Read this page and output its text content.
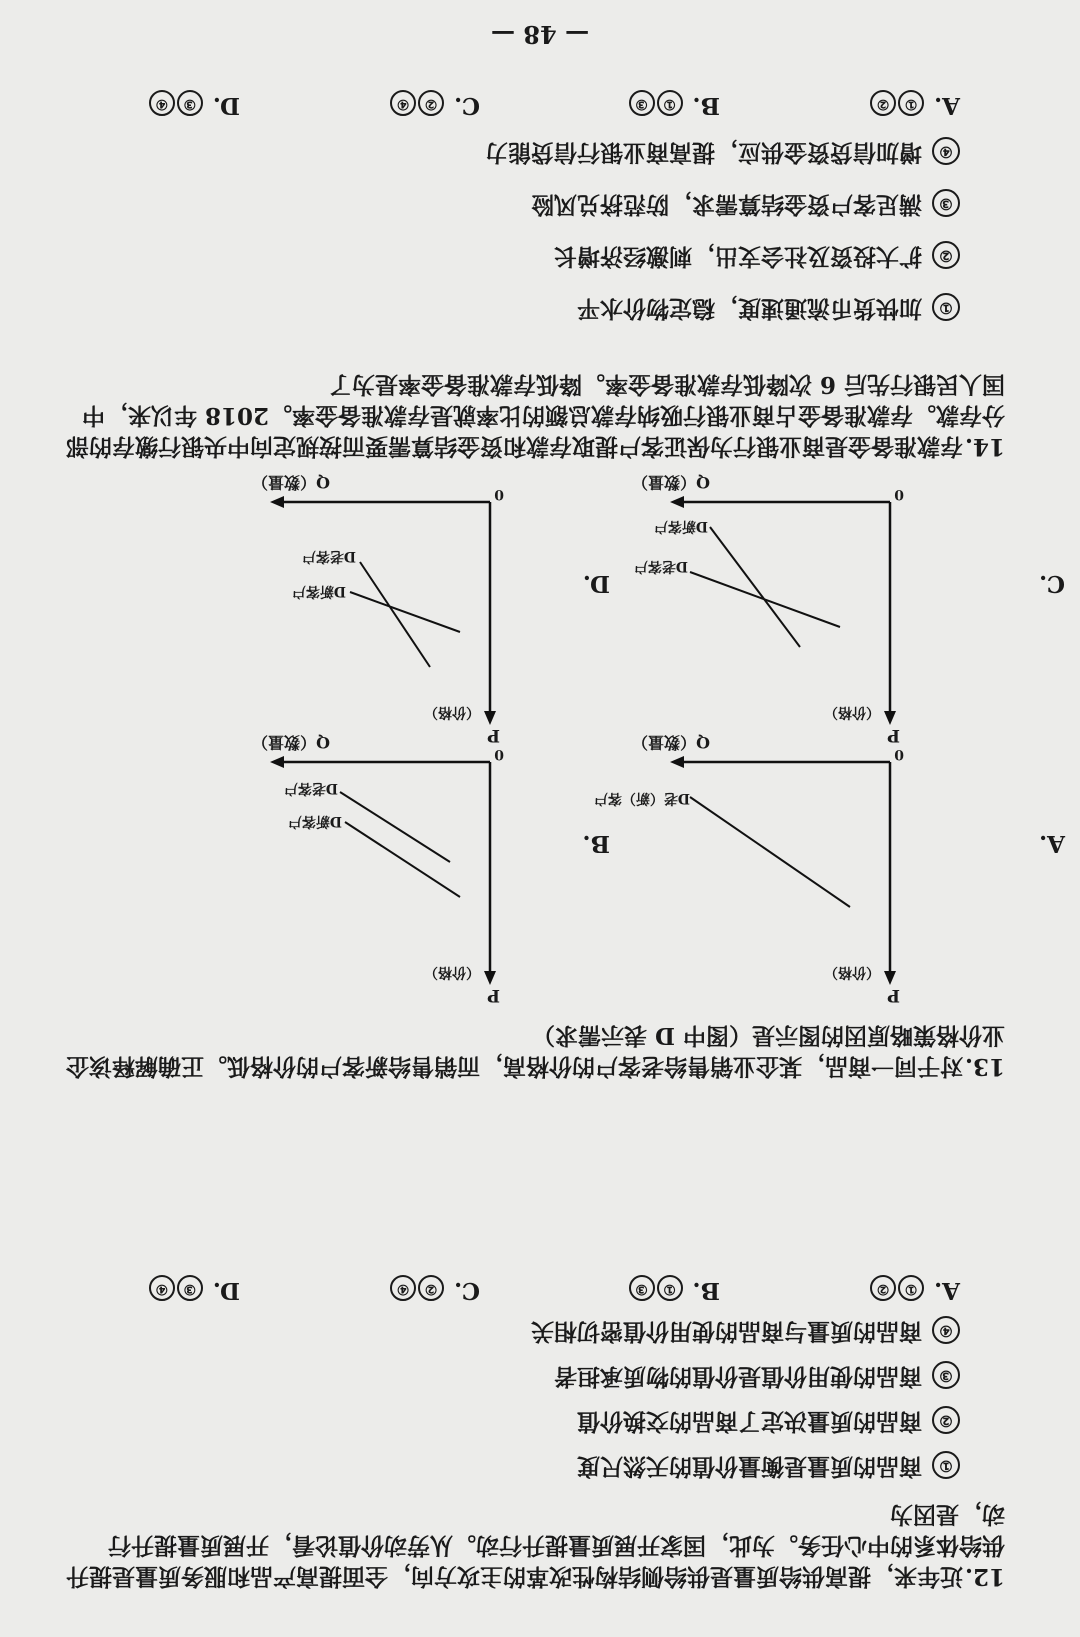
12.近年来，提高供给质量是供给侧结构性改革的主攻方向，全面提高产品和服务质量是提升供给体系的中心任务。为此，国家开展质量提升行动。从劳动价值论看，开展质量提升行动，是因为
①商品的质量是衡量价值的天然尺度
②商品的质量决定了商品的交换价值
③商品的使用价值是价值的物质承担者
④商品的质量与商品的使用价值密切相关
A. ①②
B. ①③
C. ②④
D. ③④
13.对于同一商品，某企业销售给老客户的价格高，而销售给新客户的价格低。正确解释该企业价格策略原因的图示是（图中 D 表示需求）
A.
P
（价格）
0
Q（数量）
D老（新）客户
B.
P
（价格）
0
Q（数量）
D新客户
D老客户
C.
P
（价格）
0
Q（数量）
D老客户
D新客户
D.
P
（价格）
0
Q（数量）
D新客户
D老客户
14.存款准备金是商业银行为保证客户提取存款和资金结算需要而按规定向中央银行缴存的部分存款。存款准备金占商业银行吸纳存款总额的比率就是存款准备金率。2018 年以来，中国人民银行先后 6 次降低存款准备金率。降低存款准备金率是为了
①加快货币流通速度，稳定物价水平
②扩大投资及社会支出，刺激经济增长
③满足客户资金结算需求，防范挤兑风险
④增加信贷资金供应，提高商业银行信贷能力
A. ①②
B. ①③
C. ②④
D. ③④
— 48 —
